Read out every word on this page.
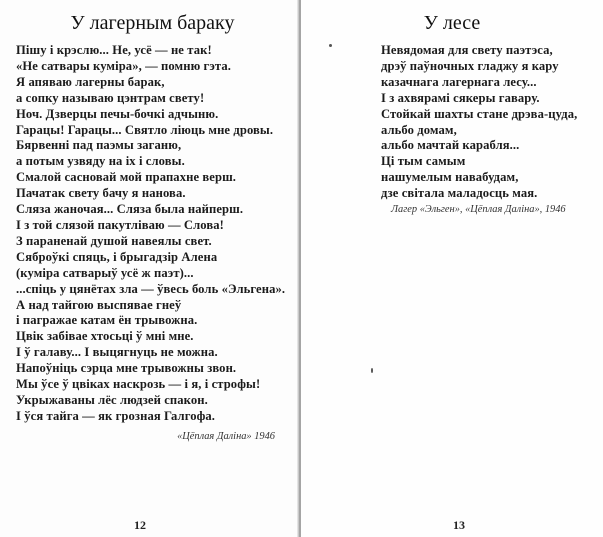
У лагерным бараку
Пішу і крэслю... Не, усё — не так!
«Не сатвары куміра», — помню гэта.
Я апяваю лагерны барак,
а сопку называю цэнтрам свету!
Ноч. Дзверцы печы-бочкі адчыню.
Гарацы! Гарацы... Святло ліюць мне дровы.
Бярвенні пад паэмы заганю,
а потым узвяду на іх і словы.
Смалой сасновай мой прапахне верш.
Пачатак свету бачу я нанова.
Сляза жаночая... Сляза была найперш.
І з той слязой пакутліваю — Слова!
З параненай душой навеялы свет.
Сяброўкі спяць, і брыгадзір Алена
(куміра сатварыў усё ж паэт)...
...спіць у цянётах зла — ўвесь боль «Эльгена».
А над тайгою выспявае гнеў
і пагражае катам ён трывожна.
Цвік забівае хтосьці ў мні мне.
І ў галаву... І выцягнуць не можна.
Напоўніць сэрца мне трывожны звон.
Мы ўсе ў цвіках наскрозь — і я, і строфы!
Укрыжаваны лёс людзей спакон.
І ўся тайга — як грозная Галгофа.
«Цёплая Даліна» 1946
12
У лесе
Невядомая для свету паэтэса,
дрэў паўночных гладжу я кару
казачнага лагернага лесу...
І з ахвярамі сякеры гавару.
Стойкай шахты стане дрэва-цуда,
альбо домам,
альбо мачтай карабля...
Ці тым самым
нашумелым навабудам,
дзе світала маладосць мая.
Лагер «Эльген», «Цёплая Даліна», 1946
13
